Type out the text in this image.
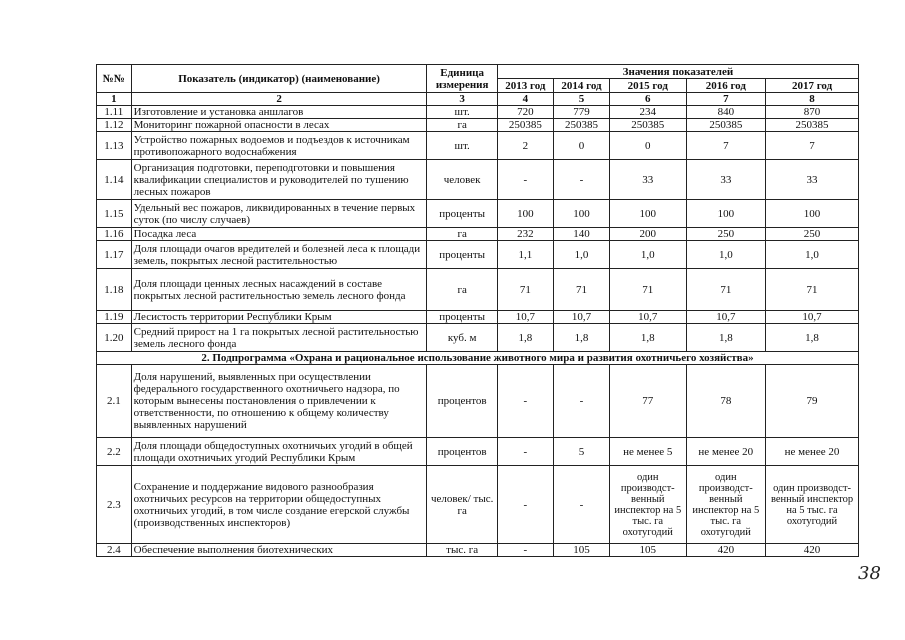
№№	Показатель (индикатор) (наименование)	Единица измерения	Значения показателей				
			2013 год	2014 год	2015 год	2016 год	2017 год
1	2	3	4	5	6	7	8
1.11	Изготовление и установка аншлагов	шт.	720	779	234	840	870
1.12	Мониторинг пожарной опасности в лесах	га	250385	250385	250385	250385	250385
1.13	Устройство пожарных водоемов и подъездов к источникам противопожарного водоснабжения	шт.	2	0	0	7	7
1.14	Организация подготовки, переподготовки и повышения квалификации специалистов и руководителей по тушению лесных пожаров	человек	-	-	33	33	33
1.15	Удельный вес пожаров, ликвидированных в течение первых суток (по числу случаев)	проценты	100	100	100	100	100
1.16	Посадка леса	га	232	140	200	250	250
1.17	Доля площади очагов вредителей и болезней леса к площади земель, покрытых лесной растительностью	проценты	1,1	1,0	1,0	1,0	1,0
1.18	Доля площади ценных лесных насаждений в составе покрытых лесной растительностью земель лесного фонда	га	71	71	71	71	71
1.19	Лесистость территории Республики Крым	проценты	10,7	10,7	10,7	10,7	10,7
1.20	Средний прирост на 1 га покрытых лесной растительностью земель лесного фонда	куб. м	1,8	1,8	1,8	1,8	1,8
2. Подпрограмма «Охрана и рациональное использование животного мира и развития охотничьего хозяйства»							
2.1	Доля нарушений, выявленных при осуществлении федерального государственного охотничьего надзора, по которым вынесены постановления о привлечении к ответственности, по отношению к общему количеству выявленных нарушений	процентов	-	-	77	78	79
2.2	Доля площади общедоступных охотничьих угодий в общей площади охотничьих угодий Республики Крым	процентов	-	5	не менее 5	не менее 20	не менее 20
2.3	Сохранение и поддержание видового разнообразия охотничьих ресурсов на территории общедоступных охотничьих угодий, в том числе создание егерской службы (производственных инспекторов)	человек/ тыс. га	-	-	один производст-венный инспектор на 5 тыс. га охотугодий	один производст-венный инспектор на 5 тыс. га охотугодий	один производст-венный инспектор на 5 тыс. га охотугодий
2.4	Обеспечение выполнения биотехнических	тыс. га	-	105	105	420	420
38
